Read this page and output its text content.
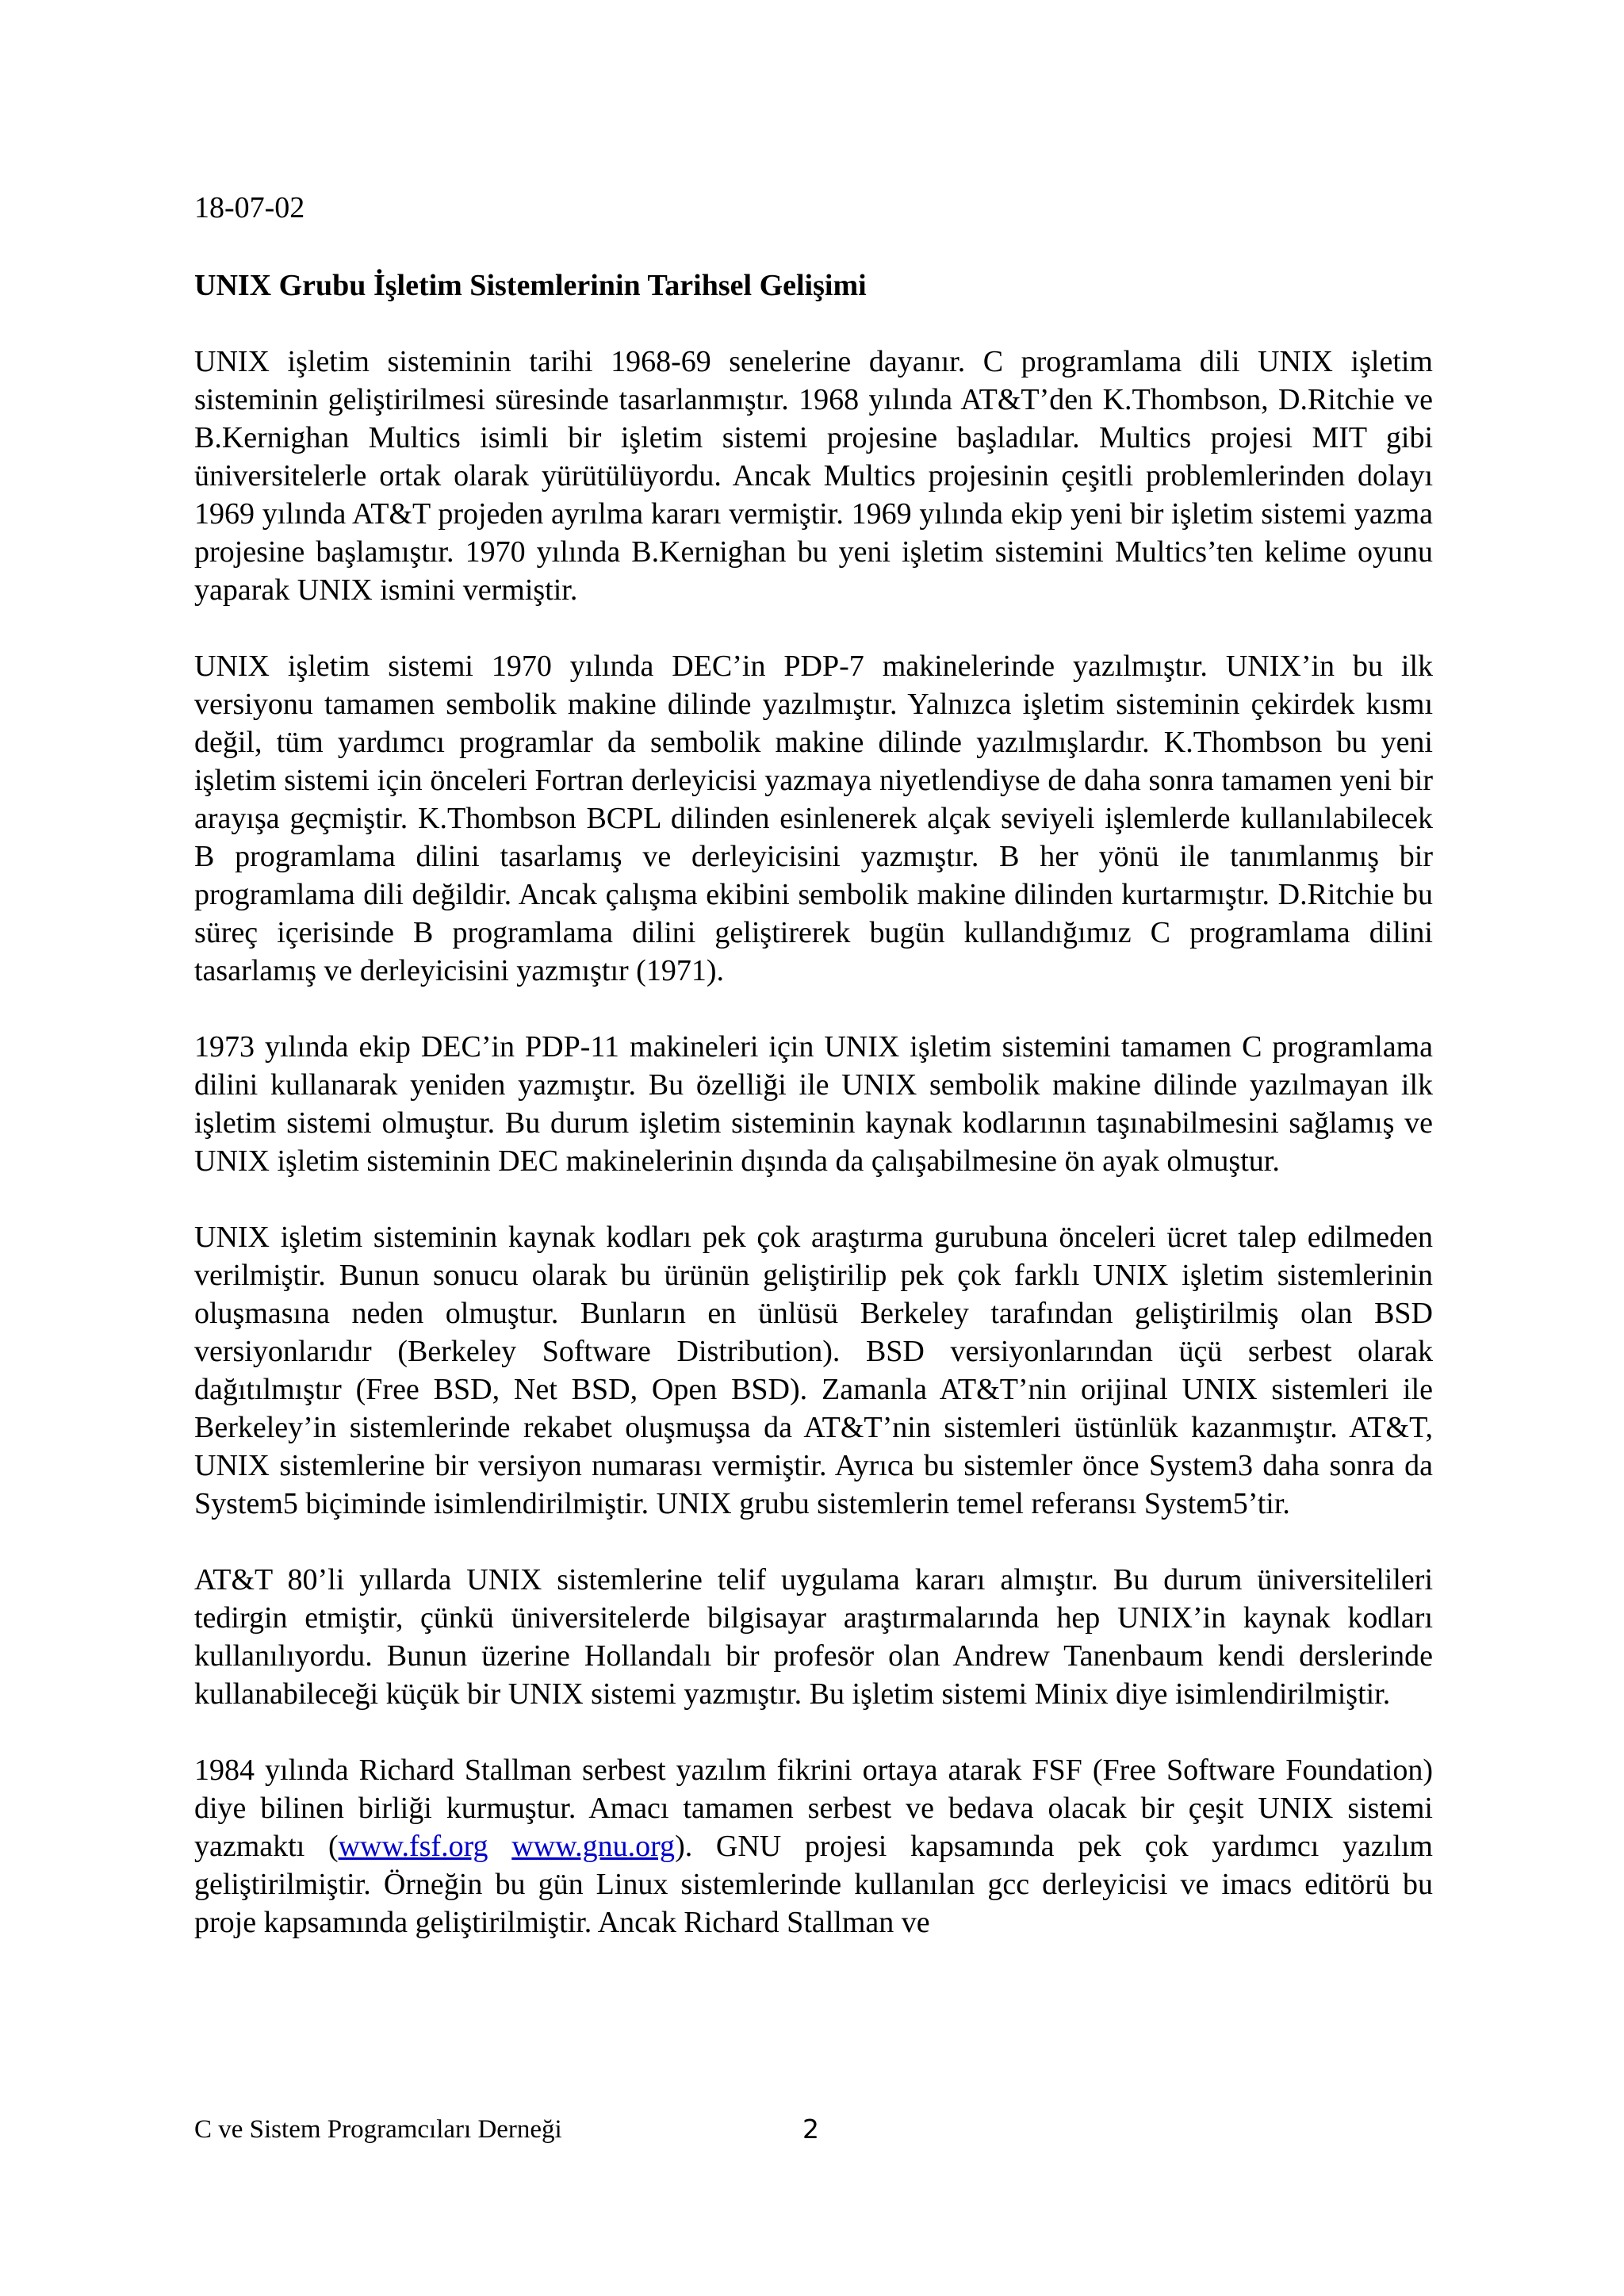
18-07-02
UNIX Grubu İşletim Sistemlerinin Tarihsel Gelişimi

UNIX işletim sisteminin tarihi 1968-69 senelerine dayanır. C programlama dili UNIX işletim sisteminin geliştirilmesi süresinde tasarlanmıştır. 1968 yılında AT&T’den K.Thombson, D.Ritchie ve B.Kernighan Multics isimli bir işletim sistemi projesine başladılar. Multics projesi MIT gibi üniversitelerle ortak olarak yürütülüyordu. Ancak Multics projesinin çeşitli problemlerinden dolayı 1969 yılında AT&T projeden ayrılma kararı vermiştir. 1969 yılında ekip yeni bir işletim sistemi yazma projesine başlamıştır. 1970 yılında B.Kernighan bu yeni işletim sistemini Multics’ten kelime oyunu yaparak UNIX ismini vermiştir.

UNIX işletim sistemi 1970 yılında DEC’in PDP-7 makinelerinde yazılmıştır. UNIX’in bu ilk versiyonu tamamen sembolik makine dilinde yazılmıştır. Yalnızca işletim sisteminin çekirdek kısmı değil, tüm yardımcı programlar da sembolik makine dilinde yazılmışlardır. K.Thombson bu yeni işletim sistemi için önceleri Fortran derleyicisi yazmaya niyetlendiyse de daha sonra tamamen yeni bir arayışa geçmiştir. K.Thombson BCPL dilinden esinlenerek alçak seviyeli işlemlerde kullanılabilecek B programlama dilini tasarlamış ve derleyicisini yazmıştır. B her yönü ile tanımlanmış bir programlama dili değildir. Ancak çalışma ekibini sembolik makine dilinden kurtarmıştır. D.Ritchie bu süreç içerisinde B programlama dilini geliştirerek bugün kullandığımız C programlama dilini tasarlamış ve derleyicisini yazmıştır (1971).

1973 yılında ekip DEC’in PDP-11 makineleri için UNIX işletim sistemini tamamen C programlama dilini kullanarak yeniden yazmıştır. Bu özelliği ile UNIX sembolik makine dilinde yazılmayan ilk işletim sistemi olmuştur. Bu durum işletim sisteminin kaynak kodlarının taşınabilmesini sağlamış ve UNIX işletim sisteminin DEC makinelerinin dışında da çalışabilmesine ön ayak olmuştur.

UNIX işletim sisteminin kaynak kodları pek çok araştırma gurubuna önceleri ücret talep edilmeden verilmiştir. Bunun sonucu olarak bu ürünün geliştirilip pek çok farklı UNIX işletim sistemlerinin oluşmasına neden olmuştur. Bunların en ünlüsü Berkeley tarafından geliştirilmiş olan BSD versiyonlarıdır (Berkeley Software Distribution). BSD versiyonlarından üçü serbest olarak dağıtılmıştır (Free BSD, Net BSD, Open BSD). Zamanla AT&T’nin orijinal UNIX sistemleri ile Berkeley’in sistemlerinde rekabet oluşmuşsa da AT&T’nin sistemleri üstünlük kazanmıştır. AT&T, UNIX sistemlerine bir versiyon numarası vermiştir. Ayrıca bu sistemler önce System3 daha sonra da System5 biçiminde isimlendirilmiştir. UNIX grubu sistemlerin temel referansı System5’tir.

AT&T 80’li yıllarda UNIX sistemlerine telif uygulama kararı almıştır. Bu durum üniversitelileri tedirgin etmiştir, çünkü üniversitelerde bilgisayar araştırmalarında hep UNIX’in kaynak kodları kullanılıyordu. Bunun üzerine Hollandalı bir profesör olan Andrew Tanenbaum kendi derslerinde kullanabileceği küçük bir UNIX sistemi yazmıştır. Bu işletim sistemi Minix diye isimlendirilmiştir.

1984 yılında Richard Stallman serbest yazılım fikrini ortaya atarak FSF (Free Software Foundation) diye bilinen birliği kurmuştur. Amacı tamamen serbest ve bedava olacak bir çeşit UNIX sistemi yazmaktı (www.fsf.org www.gnu.org). GNU projesi kapsamında pek çok yardımcı yazılım geliştirilmiştir. Örneğin bu gün Linux sistemlerinde kullanılan gcc derleyicisi ve imacs editörü bu proje kapsamında geliştirilmiştir. Ancak Richard Stallman ve

C ve Sistem Programcıları Derneği	2
